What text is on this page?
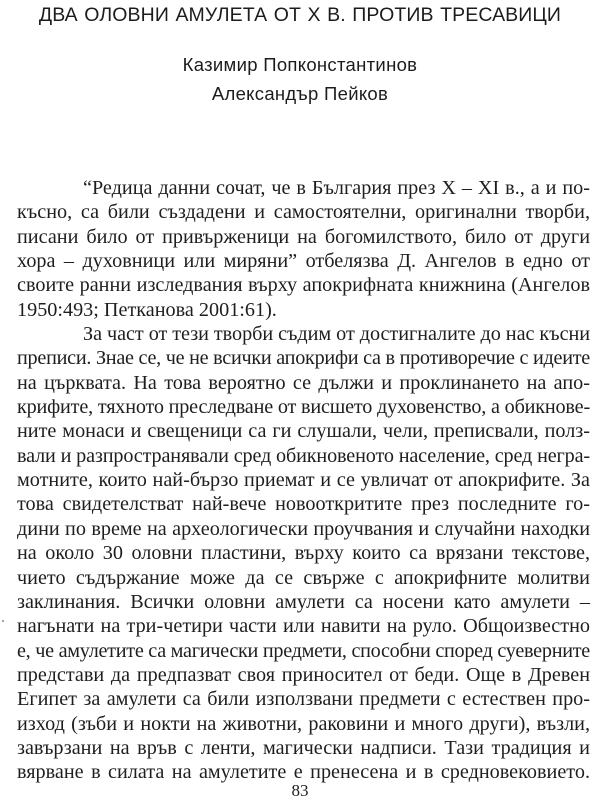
ДВА ОЛОВНИ АМУЛЕТА ОТ Х В. ПРОТИВ ТРЕСАВИЦИ
Казимир Попконстантинов
Александър Пейков
“Редица данни сочат, че в България през X – XI в., а и по-
късно, са били създадени и самостоятелни, оригинални творби,
писани било от привърженици на богомилството, било от други
хора – духовници или миряни” отбелязва Д. Ангелов в едно от
своите ранни изследвания върху апокрифната книжнина (Ангелов
1950:493; Петканова 2001:61).
За част от тези творби съдим от достигналите до нас късни
преписи. Знае се, че не всички апокрифи са в противоречие с идеите
на църквата. На това вероятно се дължи и проклинането на апо-
крифите, тяхното преследване от висшето духовенство, а обикнове-
ните монаси и свещеници са ги слушали, чели, преписвали, полз-
вали и разпространявали сред обикновеното население, сред негра-
мотните, които най-бързо приемат и се увличат от апокрифите. За
това свидетелстват най-вече новооткритите през последните го-
дини по време на археологически проучвания и случайни находки
на около 30 оловни пластини, върху които са врязани текстове,
чието съдържание може да се свърже с апокрифните молитви
заклинания. Всички оловни амулети са носени като амулети –
нагънати на три-четири части или навити на руло. Общоизвестно
е, че амулетите са магически предмети, способни според суеверните
представи да предпазват своя приносител от беди. Още в Древен
Египет за амулети са били използвани предмети с естествен про-
изход (зъби и нокти на животни, раковини и много други), възли,
завързани на връв с ленти, магически надписи. Тази традиция и
вярване в силата на амулетите е пренесена и в средновековието.
83
